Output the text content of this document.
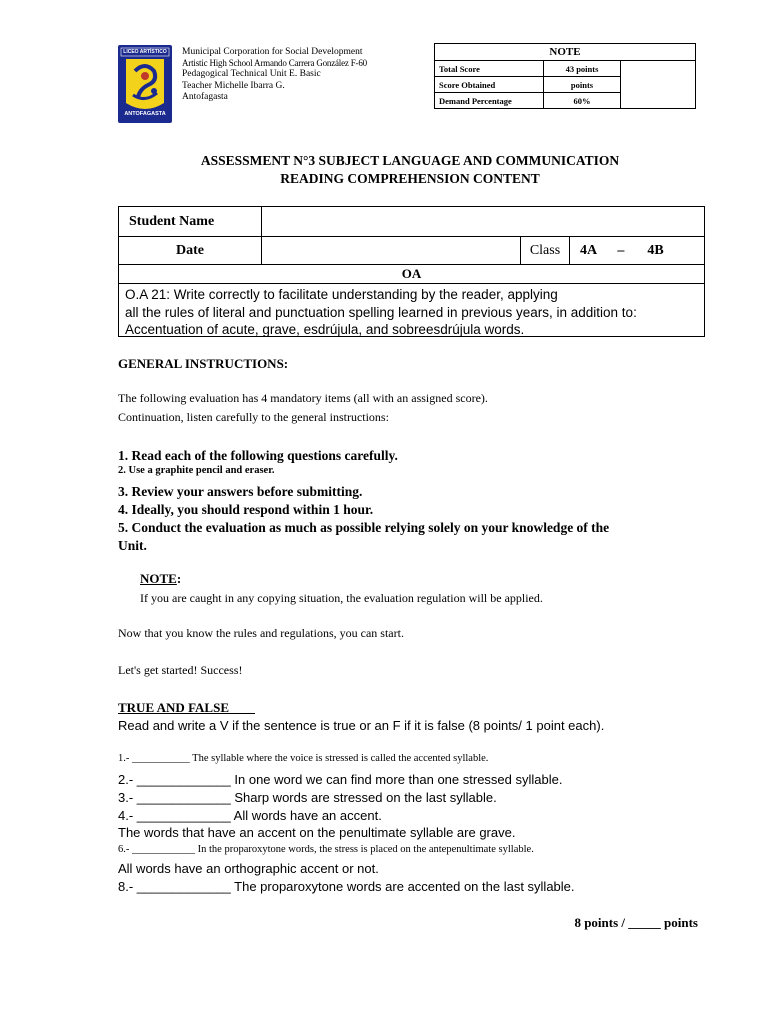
LICEO ARTÍSTICO
ANTOFAGASTA
Municipal Corporation for Social Development
Artistic High School Armando Carrera González F-60
Pedagogical Technical Unit E. Basic
Teacher Michelle Ibarra G.
Antofagasta
NOTE		
Total Score	43 points	
Score Obtained	points	
Demand Percentage	60%	
ASSESSMENT N°3 SUBJECT LANGUAGE AND COMMUNICATION
READING COMPREHENSION CONTENT
Student Name			
Date		Class	4A – 4B
OA
O.A 21: Write correctly to facilitate understanding by the reader, applying
all the rules of literal and punctuation spelling learned in previous years, in addition to:
Accentuation of acute, grave, esdrújula, and sobreesdrújula words.
GENERAL INSTRUCTIONS:
The following evaluation has 4 mandatory items (all with an assigned score).
Continuation, listen carefully to the general instructions:
1. Read each of the following questions carefully.
2. Use a graphite pencil and eraser.
3. Review your answers before submitting.
4. Ideally, you should respond within 1 hour.
5. Conduct the evaluation as much as possible relying solely on your knowledge of the
Unit.
NOTE:
If you are caught in any copying situation, the evaluation regulation will be applied.
Now that you know the rules and regulations, you can start.
Let's get started! Success!
TRUE AND FALSE
Read and write a V if the sentence is true or an F if it is false (8 points/ 1 point each).
1.- ___________ The syllable where the voice is stressed is called the accented syllable.
2.- _____________ In one word we can find more than one stressed syllable.
3.- _____________ Sharp words are stressed on the last syllable.
4.- _____________ All words have an accent.
The words that have an accent on the penultimate syllable are grave.
6.- ____________ In the proparoxytone words, the stress is placed on the antepenultimate syllable.
All words have an orthographic accent or not.
8.- _____________ The proparoxytone words are accented on the last syllable.
8 points / _____ points
